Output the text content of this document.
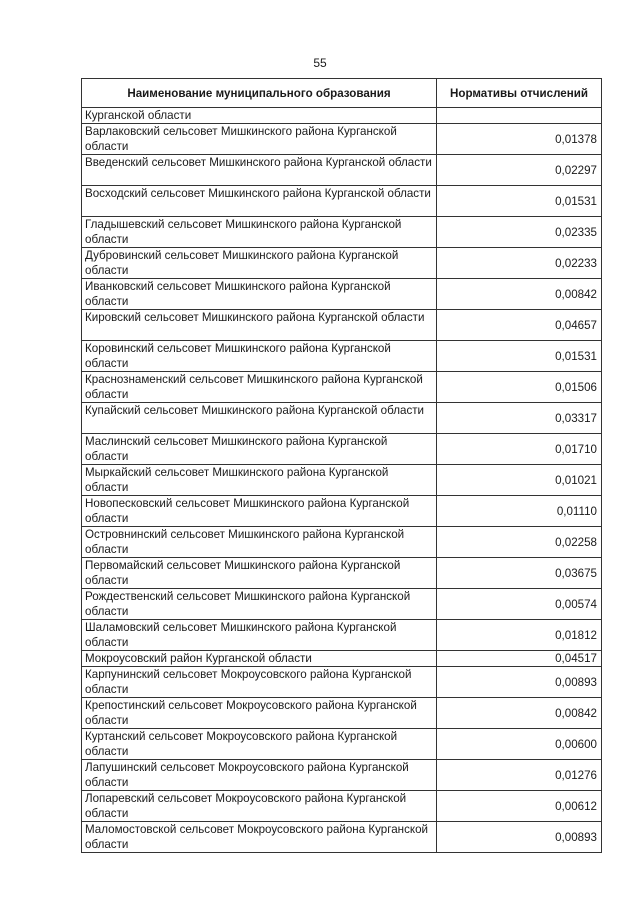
55
Наименование муниципального образования	Нормативы отчислений
Курганской области	
Варлаковский сельсовет Мишкинского района Курганской области	0,01378
Введенский сельсовет Мишкинского района Курганской области	0,02297
Восходский сельсовет Мишкинского района Курганской области	0,01531
Гладышевский сельсовет Мишкинского района Курганской области	0,02335
Дубровинский сельсовет Мишкинского района Курганской области	0,02233
Иванковский сельсовет Мишкинского района Курганской области	0,00842
Кировский сельсовет Мишкинского района Курганской области	0,04657
Коровинский сельсовет Мишкинского района Курганской области	0,01531
Краснознаменский сельсовет Мишкинского района Курганской области	0,01506
Купайский сельсовет Мишкинского района Курганской области	0,03317
Маслинский сельсовет Мишкинского района Курганской области	0,01710
Мыркайский сельсовет Мишкинского района Курганской области	0,01021
Новопесковский сельсовет Мишкинского района Курганской области	0,01110
Островнинский сельсовет Мишкинского района Курганской области	0,02258
Первомайский сельсовет Мишкинского района Курганской области	0,03675
Рождественский сельсовет Мишкинского района Курганской области	0,00574
Шаламовский сельсовет Мишкинского района Курганской области	0,01812
Мокроусовский район Курганской области	0,04517
Карпунинский сельсовет Мокроусовского района Курганской области	0,00893
Крепостинский сельсовет Мокроусовского района Курганской области	0,00842
Куртанский сельсовет Мокроусовского района Курганской области	0,00600
Лапушинский сельсовет Мокроусовского района Курганской области	0,01276
Лопаревский сельсовет Мокроусовского района Курганской области	0,00612
Маломостовской сельсовет Мокроусовского района Курганской области	0,00893
